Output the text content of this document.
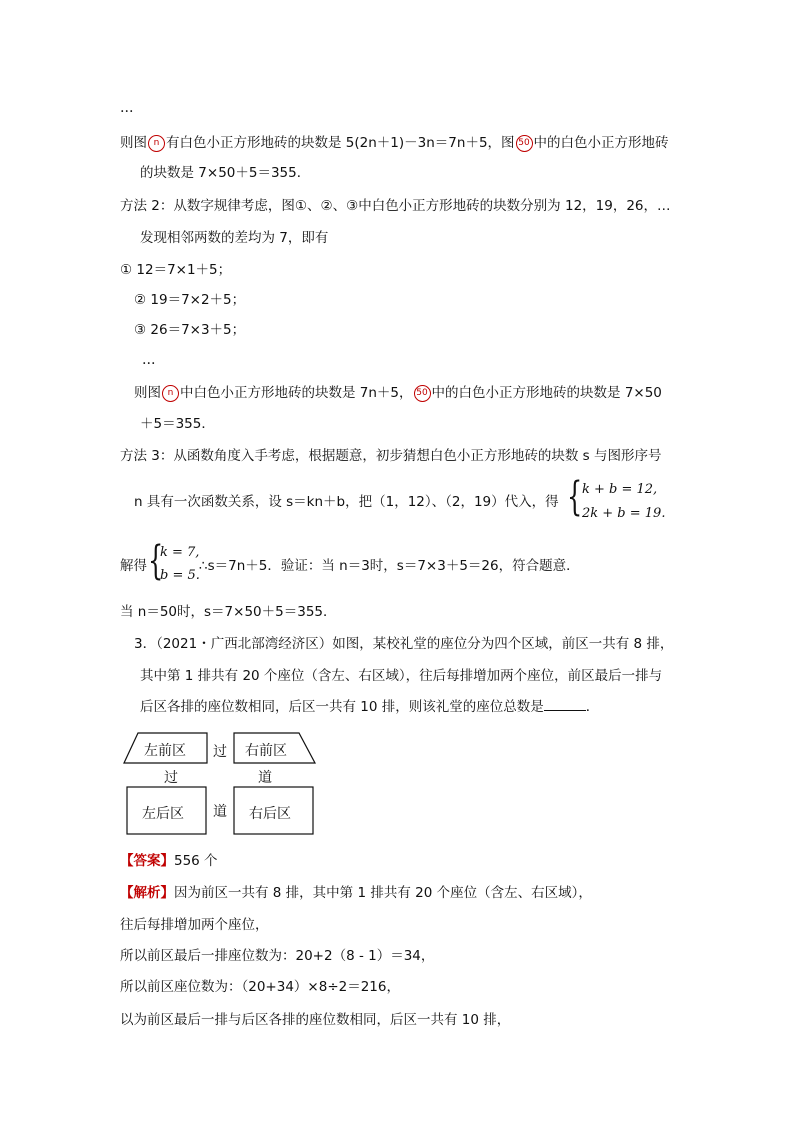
…
则图 n 有白色小正方形地砖的块数是 5(2n＋1)－3n＝7n＋5，图 50 中的白色小正方形地砖
的块数是 7×50＋5＝355．
方法 2：从数字规律考虑，图①、②、③中白色小正方形地砖的块数分别为 12，19，26，…
发现相邻两数的差均为 7，即有
① 12＝7×1＋5；
② 19＝7×2＋5；
③ 26＝7×3＋5；
…
则图 n 中白色小正方形地砖的块数是 7n＋5， 50 中的白色小正方形地砖的块数是 7×50
＋5＝355．
方法 3：从函数角度入手考虑，根据题意，初步猜想白色小正方形地砖的块数 s 与图形序号
n 具有一次函数关系，设 s＝kn＋b，把（1，12）、（2，19）代入，得 { k + b = 12,
2k + b = 19.
解得 {
k = 7,
b = 5.
∴s＝7n＋5．验证：当 n＝3时，s＝7×3＋5＝26，符合题意．
当 n＝50时，s＝7×50＋5＝355．
3．（2021・广西北部湾经济区）如图，某校礼堂的座位分为四个区域，前区一共有 8 排，
其中第 1 排共有 20 个座位（含左、右区域），往后每排增加两个座位，前区最后一排与
后区各排的座位数相同，后区一共有 10 排，则该礼堂的座位总数是	．
左前区	右前区
左后区	右后区
过
过	道
道
【答案】556 个
【解析】因为前区一共有 8 排，其中第 1 排共有 20 个座位（含左、右区域），
往后每排增加两个座位，
所以前区最后一排座位数为：20+2（8 - 1）＝34，
所以前区座位数为：（20+34）×8÷2＝216，
以为前区最后一排与后区各排的座位数相同，后区一共有 10 排，
